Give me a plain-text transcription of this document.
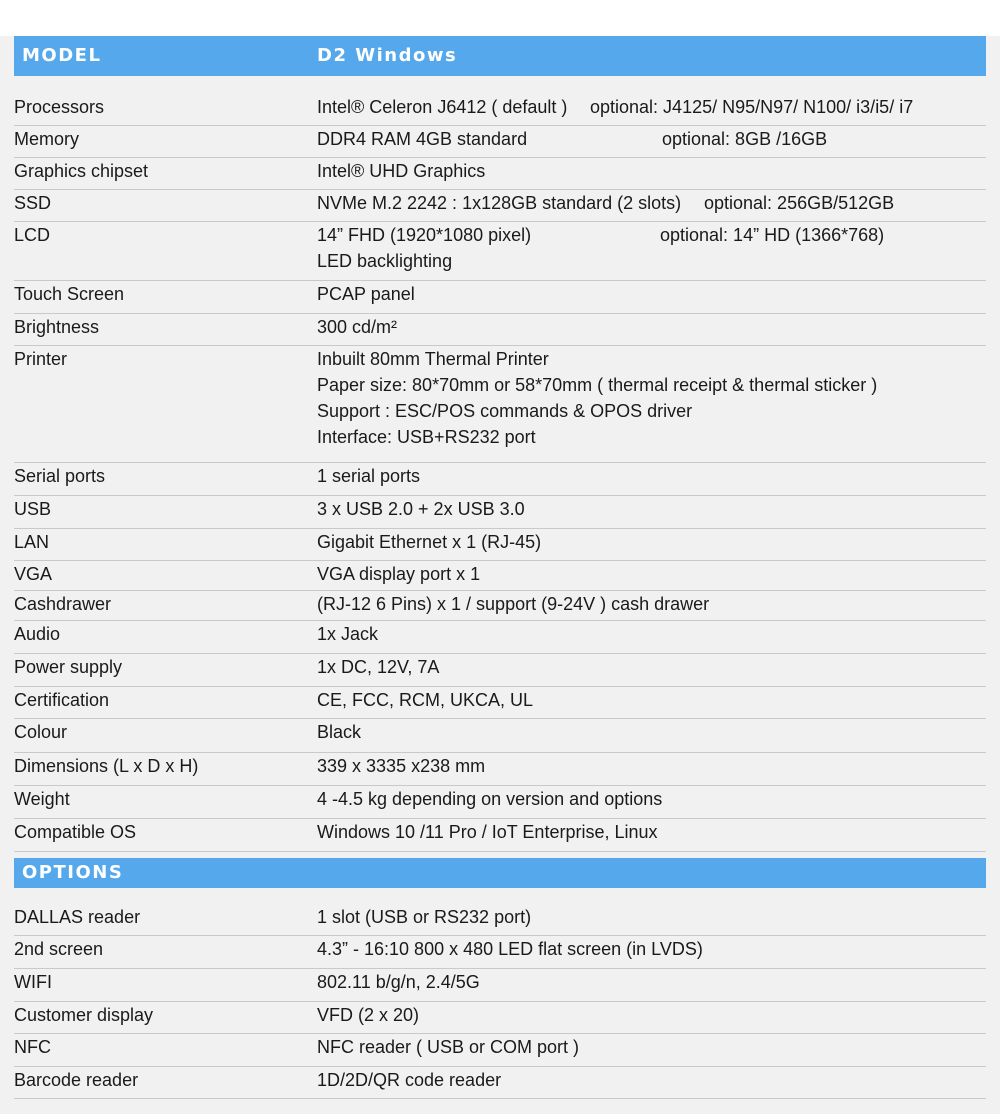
MODEL	D2 Windows
Processors	Intel® Celeron J6412 ( default ) optional: J4125/ N95/N97/ N100/ i3/i5/ i7
Memory	DDR4 RAM 4GB standard	optional: 8GB /16GB
Graphics chipset	Intel® UHD Graphics
SSD	NVMe M.2 2242 : 1x128GB standard (2 slots) optional: 256GB/512GB
LCD	14” FHD (1920*1080 pixel)
LED backlighting
optional: 14” HD (1366*768)
Touch Screen	PCAP panel
Brightness	300 cd/m²
Printer	Inbuilt 80mm Thermal Printer
Paper size: 80*70mm or 58*70mm ( thermal receipt & thermal sticker )
Support : ESC/POS commands & OPOS driver
Interface: USB+RS232 port
Serial ports	1 serial ports
USB	3 x USB 2.0 + 2x USB 3.0
LAN	Gigabit Ethernet x 1 (RJ-45)
VGA	VGA display port x 1
Cashdrawer	(RJ-12 6 Pins) x 1 / support (9-24V ) cash drawer
Audio	1x Jack
Power supply	1x DC, 12V, 7A
Certification	CE, FCC, RCM, UKCA, UL
Colour	Black
Dimensions (L x D x H)	339 x 3335 x238 mm
Weight	4 -4.5 kg depending on version and options
Compatible OS	Windows 10 /11 Pro / IoT Enterprise, Linux
OPTIONS
DALLAS reader	1 slot (USB or RS232 port)
2nd screen	4.3” - 16:10 800 x 480 LED flat screen (in LVDS)
WIFI	802.11 b/g/n, 2.4/5G
Customer display	VFD (2 x 20)
NFC	NFC reader ( USB or COM port )
Barcode reader	1D/2D/QR code reader
